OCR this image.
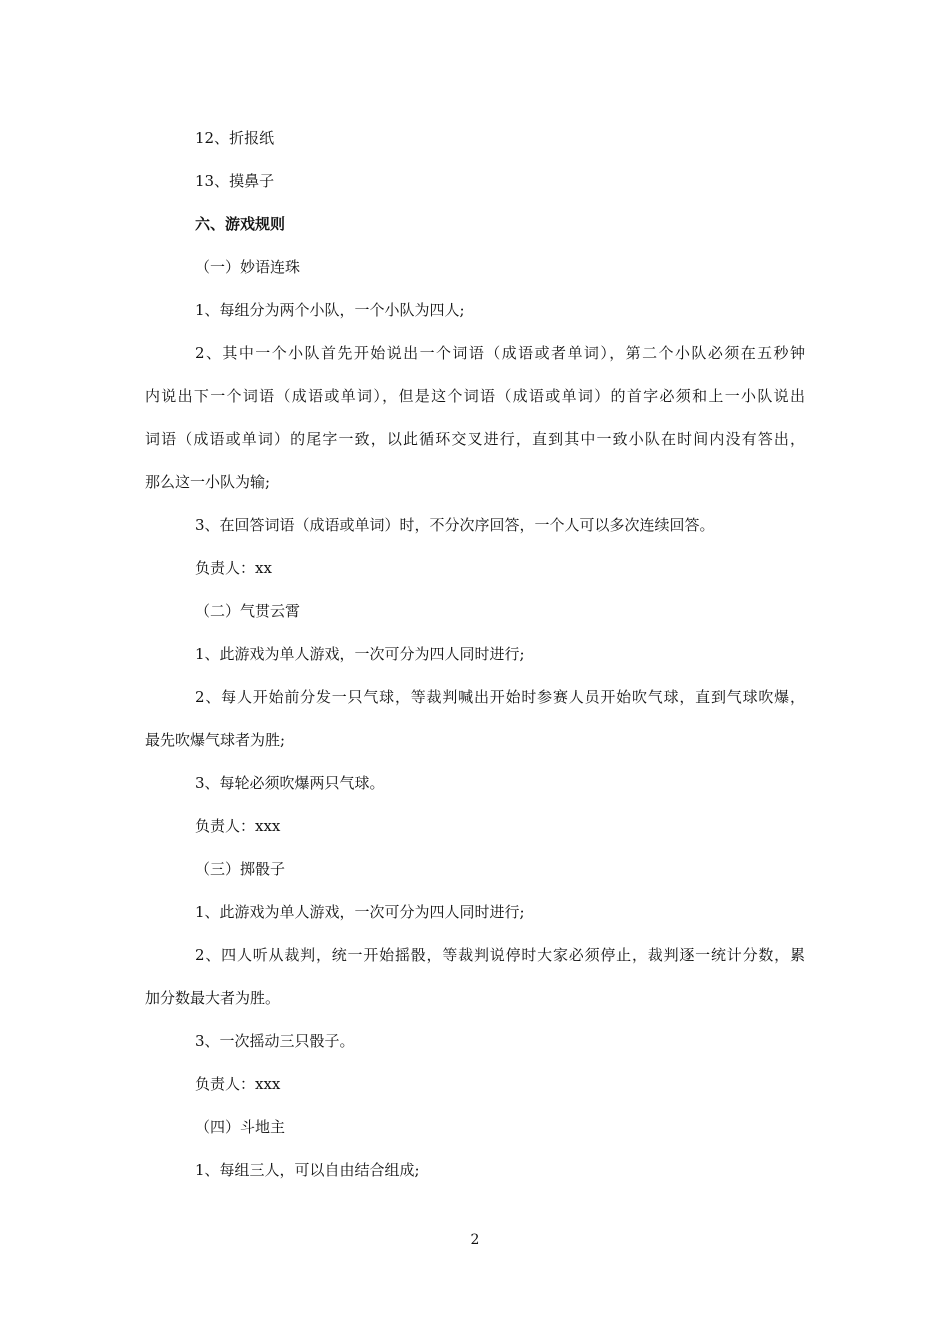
12、折报纸
13、摸鼻子
六、游戏规则
（一）妙语连珠
1、每组分为两个小队，一个小队为四人;
2、其中一个小队首先开始说出一个词语（成语或者单词），第二个小队必须在五秒钟
内说出下一个词语（成语或单词），但是这个词语（成语或单词）的首字必须和上一小队说出
词语（成语或单词）的尾字一致，以此循环交叉进行，直到其中一致小队在时间内没有答出，
那么这一小队为输;
3、在回答词语（成语或单词）时，不分次序回答，一个人可以多次连续回答。
负责人：xx
（二）气贯云霄
1、此游戏为单人游戏，一次可分为四人同时进行;
2、每人开始前分发一只气球，等裁判喊出开始时参赛人员开始吹气球，直到气球吹爆，
最先吹爆气球者为胜;
3、每轮必须吹爆两只气球。
负责人：xxx
（三）掷骰子
1、此游戏为单人游戏，一次可分为四人同时进行;
2、四人听从裁判，统一开始摇骰，等裁判说停时大家必须停止，裁判逐一统计分数，累
加分数最大者为胜。
3、一次摇动三只骰子。
负责人：xxx
（四）斗地主
1、每组三人，可以自由结合组成;
2
